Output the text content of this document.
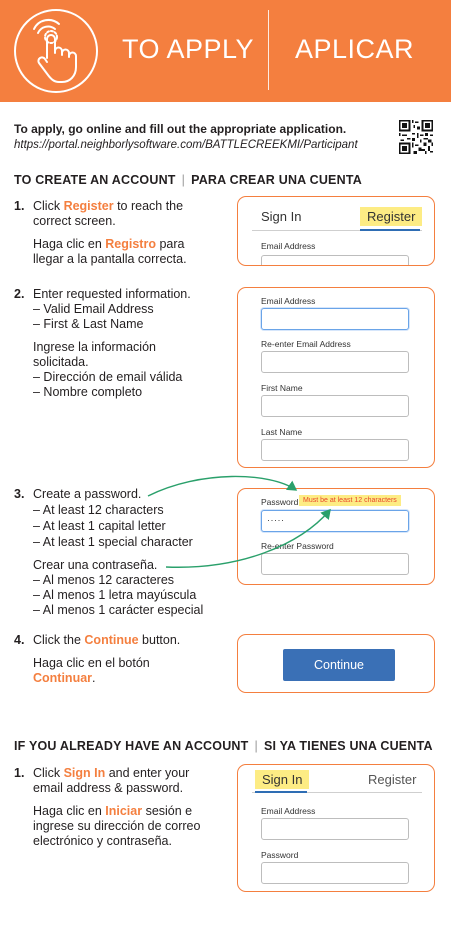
TO APPLY APLICAR
To apply, go online and fill out the appropriate application.
https://portal.neighborlysoftware.com/BATTLECREEKMI/Participant
TO CREATE AN ACCOUNT | PARA CREAR UNA CUENTA
1. Click Register to reach the
correct screen.
Haga clic en Registro para
llegar a la pantalla correcta.
Sign In	Register
Email Address
2. Enter requested information.
– Valid Email Address
– First & Last Name
Ingrese la información
solicitada.
– Dirección de email válida
– Nombre completo
Email Address
Re-enter Email Address
First Name
Last Name
3. Create a password.
– At least 12 characters
– At least 1 capital letter
– At least 1 special character
Crear una contraseña.
– Al menos 12 caracteres
– Al menos 1 letra mayúscula
– Al menos 1 carácter especial
Password Must be at least 12 characters
·····
Re-enter Password
4. Click the Continue button.
Haga clic en el botón
Continuar.
Continue
IF YOU ALREADY HAVE AN ACCOUNT | SI YA TIENES UNA CUENTA
1. Click Sign In and enter your
email address & password.
Haga clic en Iniciar sesión e
ingrese su dirección de correo
electrónico y contraseña.
Sign In	Register
Email Address
Password
